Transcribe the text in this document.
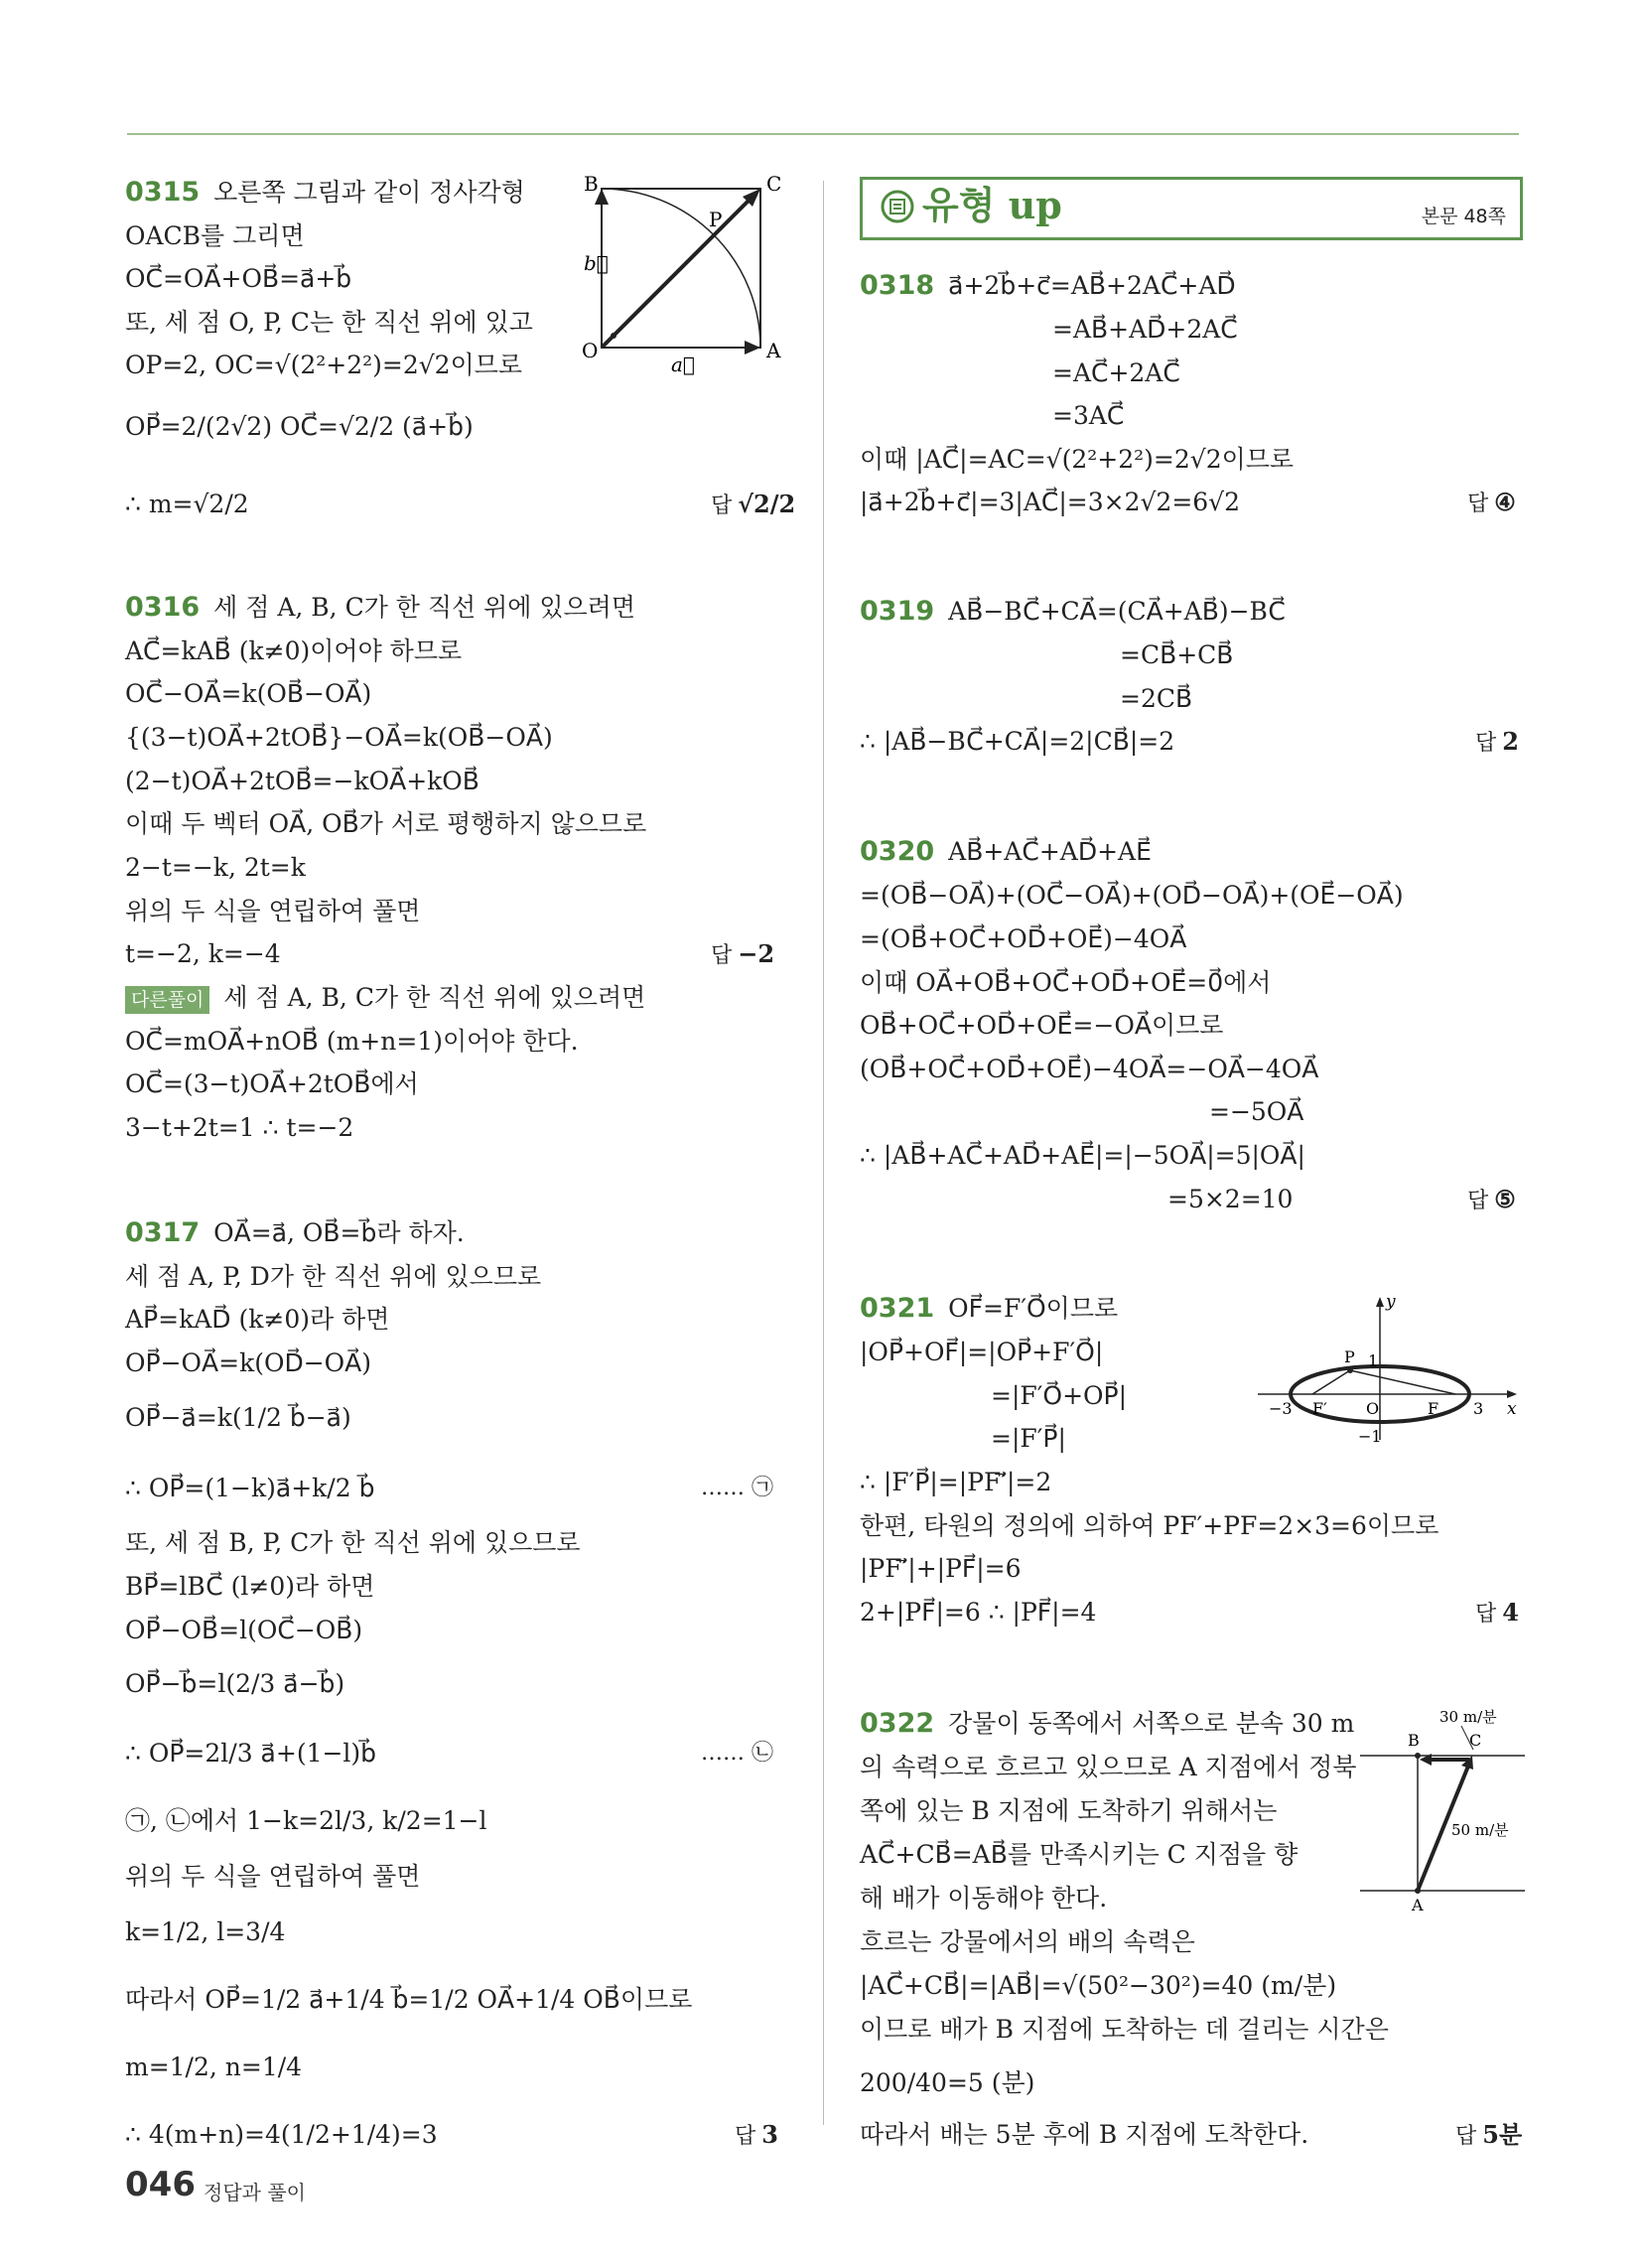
0315 오른쪽 그림과 같이 정사각형
OACB를 그리면
OC⃗=OA⃗+OB⃗=a⃗+b⃗
또, 세 점 O, P, C는 한 직선 위에 있고
OP=2, OC=√(2²+2²)=2√2이므로
OP⃗=2/(2√2) OC⃗=√2/2 (a⃗+b⃗)
∴ m=√2/2	답 √2/2
B	C
O	A
P
a⃗
b⃗
0316 세 점 A, B, C가 한 직선 위에 있으려면
AC⃗=kAB⃗ (k≠0)이어야 하므로
OC⃗−OA⃗=k(OB⃗−OA⃗)
{(3−t)OA⃗+2tOB⃗}−OA⃗=k(OB⃗−OA⃗)
(2−t)OA⃗+2tOB⃗=−kOA⃗+kOB⃗
이때 두 벡터 OA⃗, OB⃗가 서로 평행하지 않으므로
2−t=−k, 2t=k
위의 두 식을 연립하여 풀면
t=−2, k=−4	답 −2
다른풀이 세 점 A, B, C가 한 직선 위에 있으려면
OC⃗=mOA⃗+nOB⃗ (m+n=1)이어야 한다.
OC⃗=(3−t)OA⃗+2tOB⃗에서
3−t+2t=1 ∴ t=−2
0317 OA⃗=a⃗, OB⃗=b⃗라 하자.
세 점 A, P, D가 한 직선 위에 있으므로
AP⃗=kAD⃗ (k≠0)라 하면
OP⃗−OA⃗=k(OD⃗−OA⃗)
OP⃗−a⃗=k(1/2 b⃗−a⃗)
∴ OP⃗=(1−k)a⃗+k/2 b⃗	…… ㉠
또, 세 점 B, P, C가 한 직선 위에 있으므로
BP⃗=lBC⃗ (l≠0)라 하면
OP⃗−OB⃗=l(OC⃗−OB⃗)
OP⃗−b⃗=l(2/3 a⃗−b⃗)
∴ OP⃗=2l/3 a⃗+(1−l)b⃗	…… ㉡
㉠, ㉡에서 1−k=2l/3, k/2=1−l
위의 두 식을 연립하여 풀면
k=1/2, l=3/4
따라서 OP⃗=1/2 a⃗+1/4 b⃗=1/2 OA⃗+1/4 OB⃗이므로
m=1/2, n=1/4
∴ 4(m+n)=4(1/2+1/4)=3	답 3
유형 up	본문 48쪽
0318 a⃗+2b⃗+c⃗=AB⃗+2AC⃗+AD⃗
=AB⃗+AD⃗+2AC⃗
=AC⃗+2AC⃗
=3AC⃗
이때 |AC⃗|=AC=√(2²+2²)=2√2이므로
|a⃗+2b⃗+c⃗|=3|AC⃗|=3×2√2=6√2	답 ④
0319 AB⃗−BC⃗+CA⃗=(CA⃗+AB⃗)−BC⃗
=CB⃗+CB⃗
=2CB⃗
∴ |AB⃗−BC⃗+CA⃗|=2|CB⃗|=2	답 2
0320 AB⃗+AC⃗+AD⃗+AE⃗
=(OB⃗−OA⃗)+(OC⃗−OA⃗)+(OD⃗−OA⃗)+(OE⃗−OA⃗)
=(OB⃗+OC⃗+OD⃗+OE⃗)−4OA⃗
이때 OA⃗+OB⃗+OC⃗+OD⃗+OE⃗=0⃗에서
OB⃗+OC⃗+OD⃗+OE⃗=−OA⃗이므로
(OB⃗+OC⃗+OD⃗+OE⃗)−4OA⃗=−OA⃗−4OA⃗
=−5OA⃗
∴ |AB⃗+AC⃗+AD⃗+AE⃗|=|−5OA⃗|=5|OA⃗|
=5×2=10	답 ⑤
0321 OF⃗=F′O⃗이므로
|OP⃗+OF⃗|=|OP⃗+F′O⃗|
=|F′O⃗+OP⃗|
=|F′P⃗|
∴ |F′P⃗|=|PF′⃗|=2
한편, 타원의 정의에 의하여 PF′+PF=2×3=6이므로
|PF′⃗|+|PF⃗|=6
2+|PF⃗|=6 ∴ |PF⃗|=4	답 4
y
x
P 1
−3 F′ O	F 3
−1
0322 강물이 동쪽에서 서쪽으로 분속 30 m
의 속력으로 흐르고 있으므로 A 지점에서 정북
쪽에 있는 B 지점에 도착하기 위해서는
AC⃗+CB⃗=AB⃗를 만족시키는 C 지점을 향
해 배가 이동해야 한다.
흐르는 강물에서의 배의 속력은
|AC⃗+CB⃗|=|AB⃗|=√(50²−30²)=40 (m/분)
이므로 배가 B 지점에 도착하는 데 걸리는 시간은
200/40=5 (분)
따라서 배는 5분 후에 B 지점에 도착한다.	답 5분
30 m/분
B	C
50 m/분
A
046 정답과 풀이
